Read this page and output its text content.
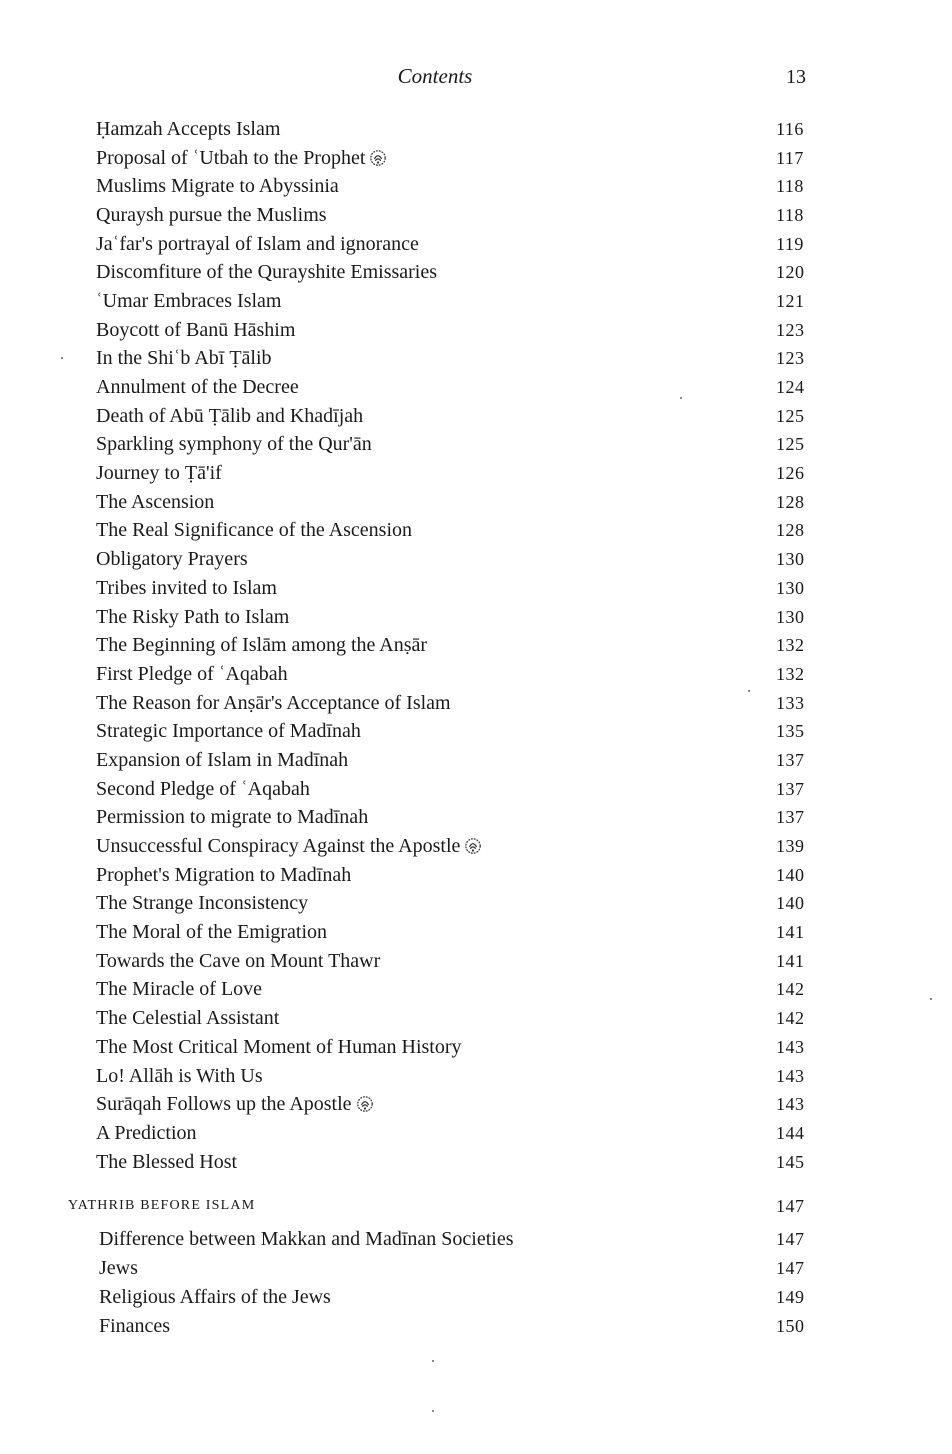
Contents	13
Ḥamzah Accepts Islam	116
Proposal of ʿUtbah to the Prophet	117
Muslims Migrate to Abyssinia	118
Quraysh pursue the Muslims	118
Jaʿfar's portrayal of Islam and ignorance	119
Discomfiture of the Qurayshite Emissaries	120
ʿUmar Embraces Islam	121
Boycott of Banū Hāshim	123
In the Shiʿb Abī Ṭālib	123
Annulment of the Decree	124
Death of Abū Ṭālib and Khadījah	125
Sparkling symphony of the Qur'ān	125
Journey to Ṭā'if	126
The Ascension	128
The Real Significance of the Ascension	128
Obligatory Prayers	130
Tribes invited to Islam	130
The Risky Path to Islam	130
The Beginning of Islām among the Anṣār	132
First Pledge of ʿAqabah	132
The Reason for Anṣār's Acceptance of Islam	133
Strategic Importance of Madīnah	135
Expansion of Islam in Madīnah	137
Second Pledge of ʿAqabah	137
Permission to migrate to Madīnah	137
Unsuccessful Conspiracy Against the Apostle	139
Prophet's Migration to Madīnah	140
The Strange Inconsistency	140
The Moral of the Emigration	141
Towards the Cave on Mount Thawr	141
The Miracle of Love	142
The Celestial Assistant	142
The Most Critical Moment of Human History	143
Lo! Allāh is With Us	143
Surāqah Follows up the Apostle	143
A Prediction	144
The Blessed Host	145
YATHRIB BEFORE ISLAM	147
Difference between Makkan and Madīnan Societies	147
Jews	147
Religious Affairs of the Jews	149
Finances	150
